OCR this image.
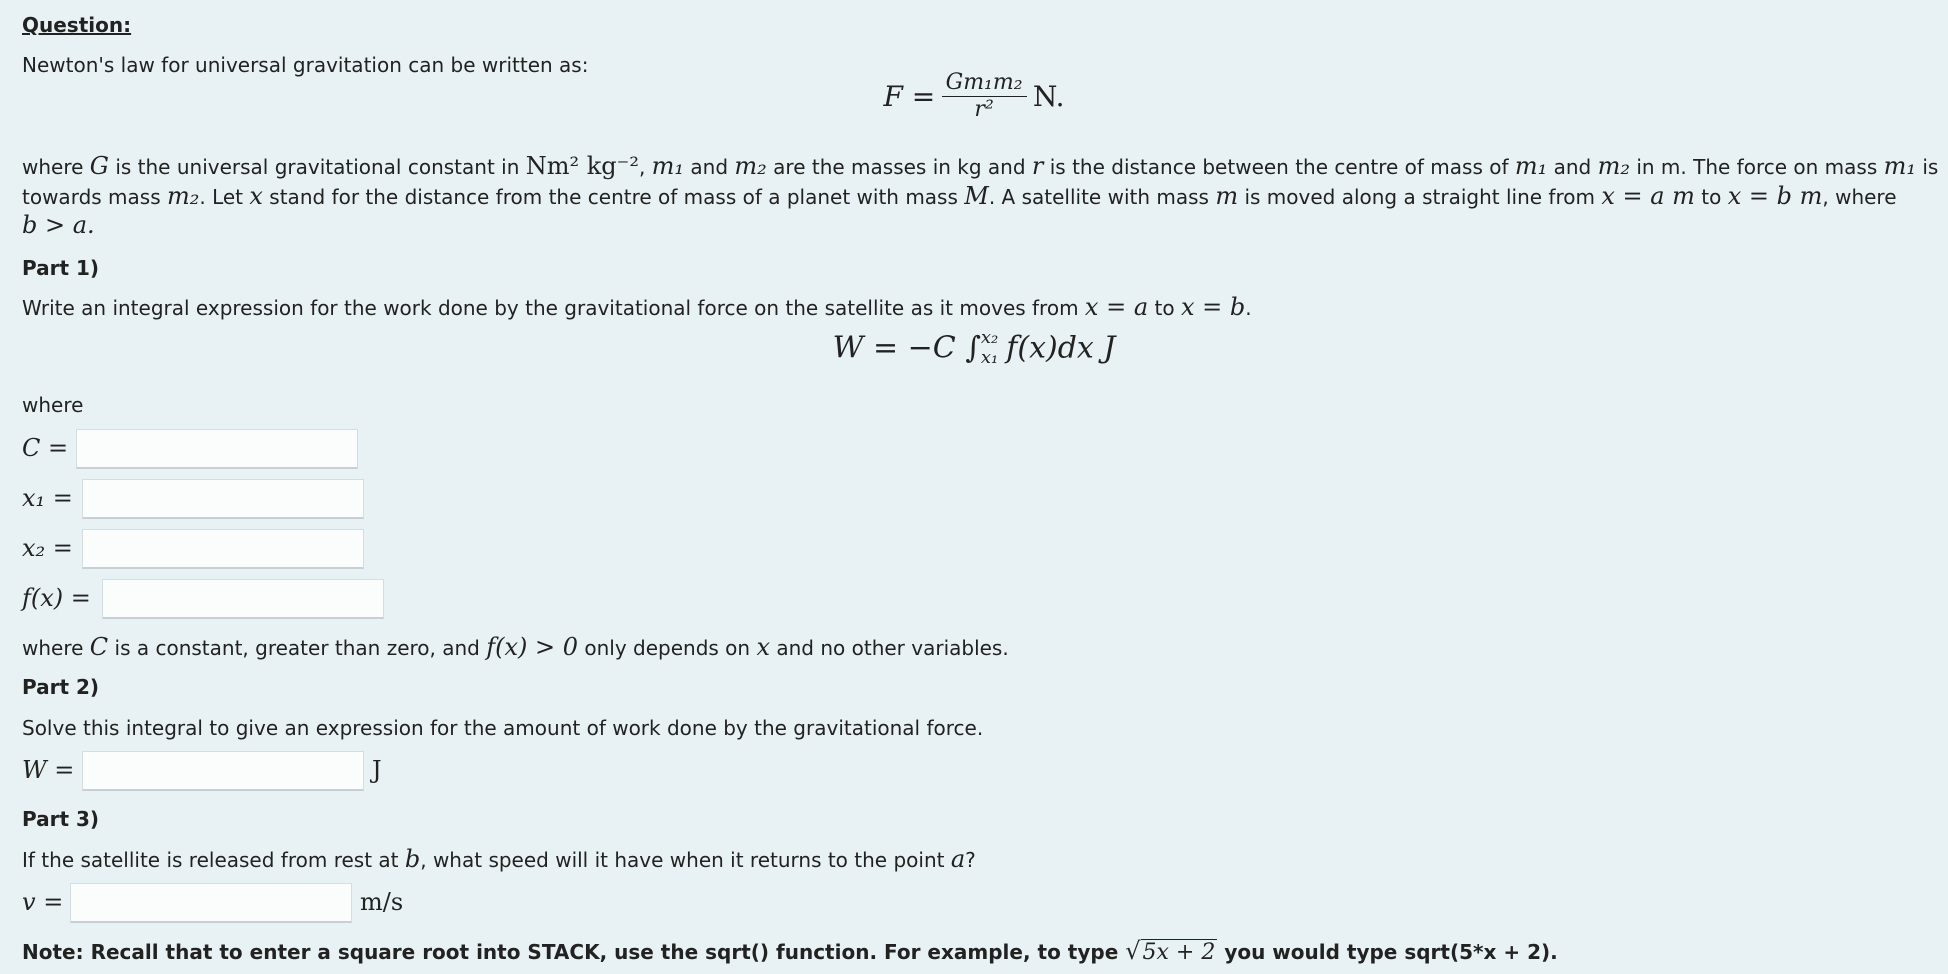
Question:
Newton's law for universal gravitation can be written as:
$F = \frac{\text{Gm₁m₂}}{\text{r²}} N$.
where G is the universal gravitational constant in Nm² kg⁻², m₁ and m₂ are the masses in kg and r is the distance between the centre of mass of m₁ and m₂ in m. The force on mass m₁ is
towards mass m₂. Let x stand for the distance from the centre of mass of a planet with mass M. A satellite with mass m is moved along a straight line from x = a m to x = b m, where
b > a.
Part 1)
Write an integral expression for the work done by the gravitational force on the satellite as it moves from x = a to x = b.
W = −C ∫ x₂
x₁ f(x)dx J
where
C =
x₁ =
x₂ =
f(x) =
where C is a constant, greater than zero, and f(x) > 0 only depends on x and no other variables.
Part 2)
Solve this integral to give an expression for the amount of work done by the gravitational force.
W =	J
Part 3)
If the satellite is released from rest at b, what speed will it have when it returns to the point a?
v =	m/s
Note: Recall that to enter a square root into STACK, use the sqrt() function. For example, to type √5x + 2 you would type sqrt(5*x + 2).
